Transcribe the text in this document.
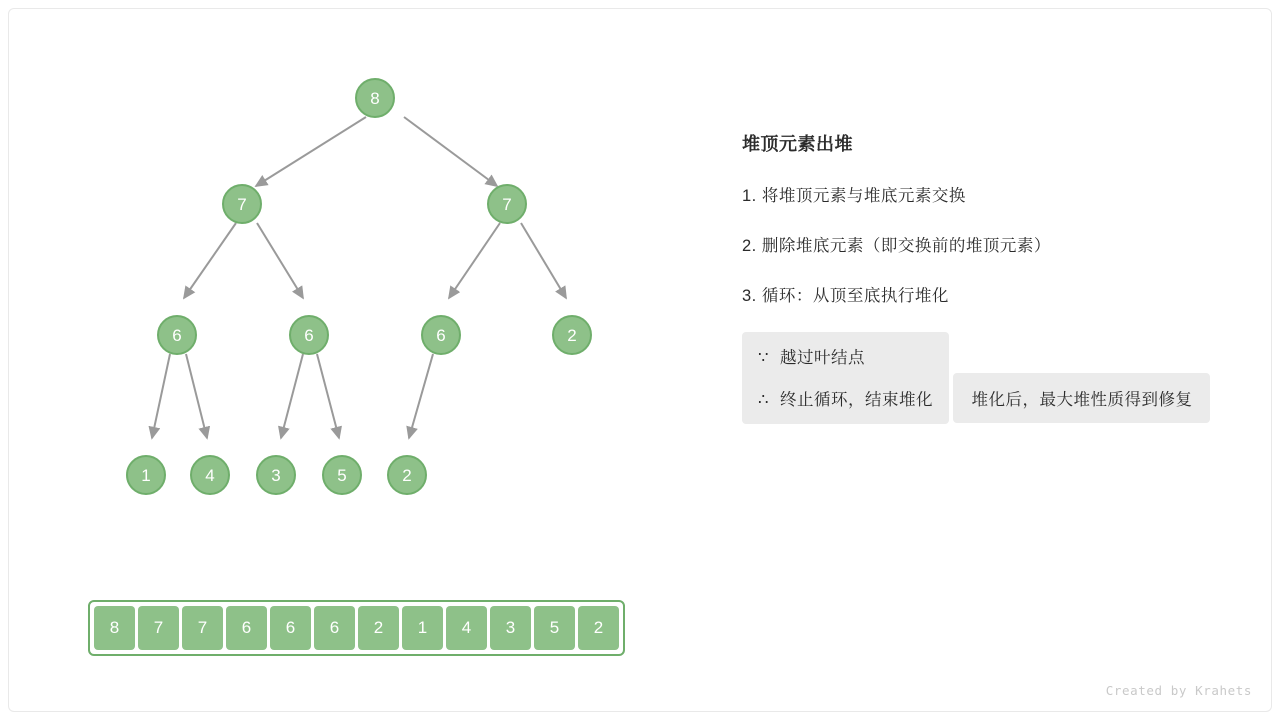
8
7	7
6	6	6	2
1	4	3	5	2
8	7	7	6	6	6	2	1	4	3	5	2
堆顶元素出堆
1. 将堆顶元素与堆底元素交换
2. 删除堆底元素（即交换前的堆顶元素）
3. 循环：从顶至底执行堆化
∵ 越过叶结点
∴ 终止循环，结束堆化
堆化后，最大堆性质得到修复
Created by Krahets
